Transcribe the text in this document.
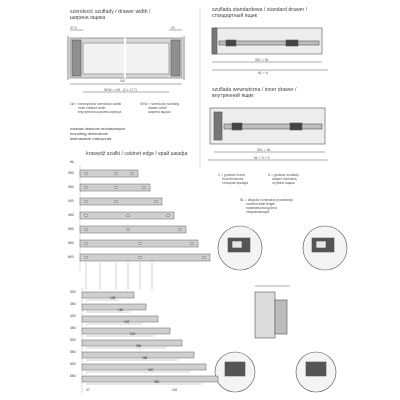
szerokość szuflady / drawer width /
ширина ящика
37,5
LW
SKW = LW - (2 x 17,7)
20
LW = wewnętrzna szerokość szafki
inner cabinet width
внутренняя ширина корпуса
SKW = szerokość szuflady
drawer width
ширина ящика
szuflada standardowa / standard drawer /
стандартный ящик
SKL = NL
NL + 6
szuflada wewnętrzna / inner drawer /
внутренний ящик
SKL = NL
NL + 5 + X
rozstaw otworów montażowych
mounting dimensions
монтажные отверстия
krawędź szafki / cabinet edge / край шкафа
NL
300
350
400
450
500
550
600
300
350
400
450
500
550
600
650
X = grubość frontu
front thickness
толщина фасада
S = grubość szuflady
drawer thickness
глубина ящика
NL = długość nominalna prowadnicy
nominal slide length
номинальная длина
направляющей
128
160
192
224
256
288
320
352
37	192
